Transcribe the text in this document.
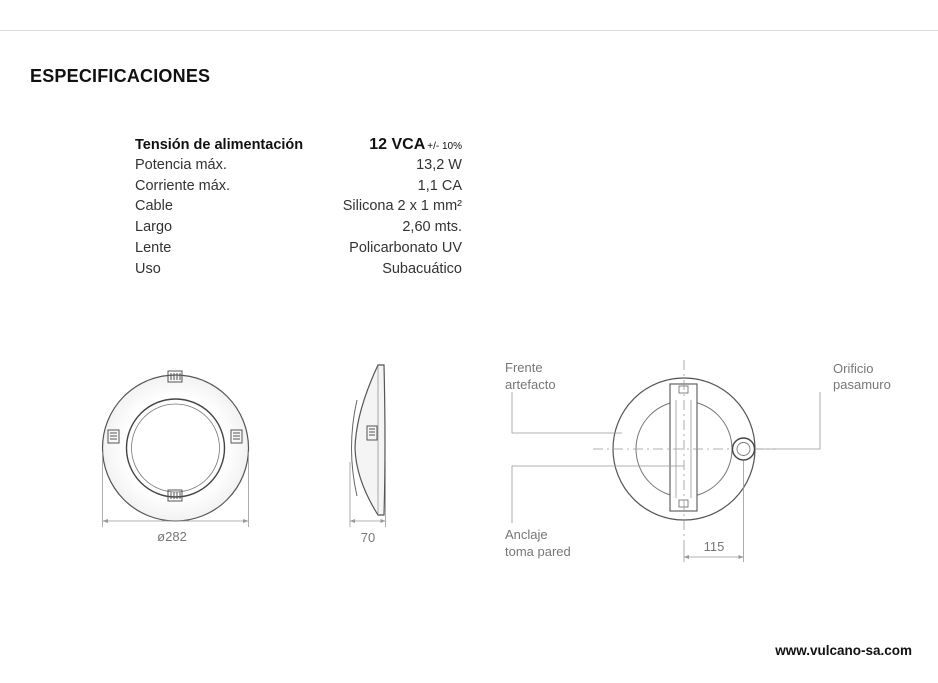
ESPECIFICACIONES
Tensión de alimentación	12 VCA +/- 10%
Potencia máx.	13,2 W
Corriente máx.	1,1 CA
Cable	Silicona 2 x 1 mm²
Largo	2,60 mts.
Lente	Policarbonato UV
Uso	Subacuático
ø282	70
115
Frente
artefacto
Orificio
pasamuro
Anclaje
toma pared
www.vulcano-sa.com
